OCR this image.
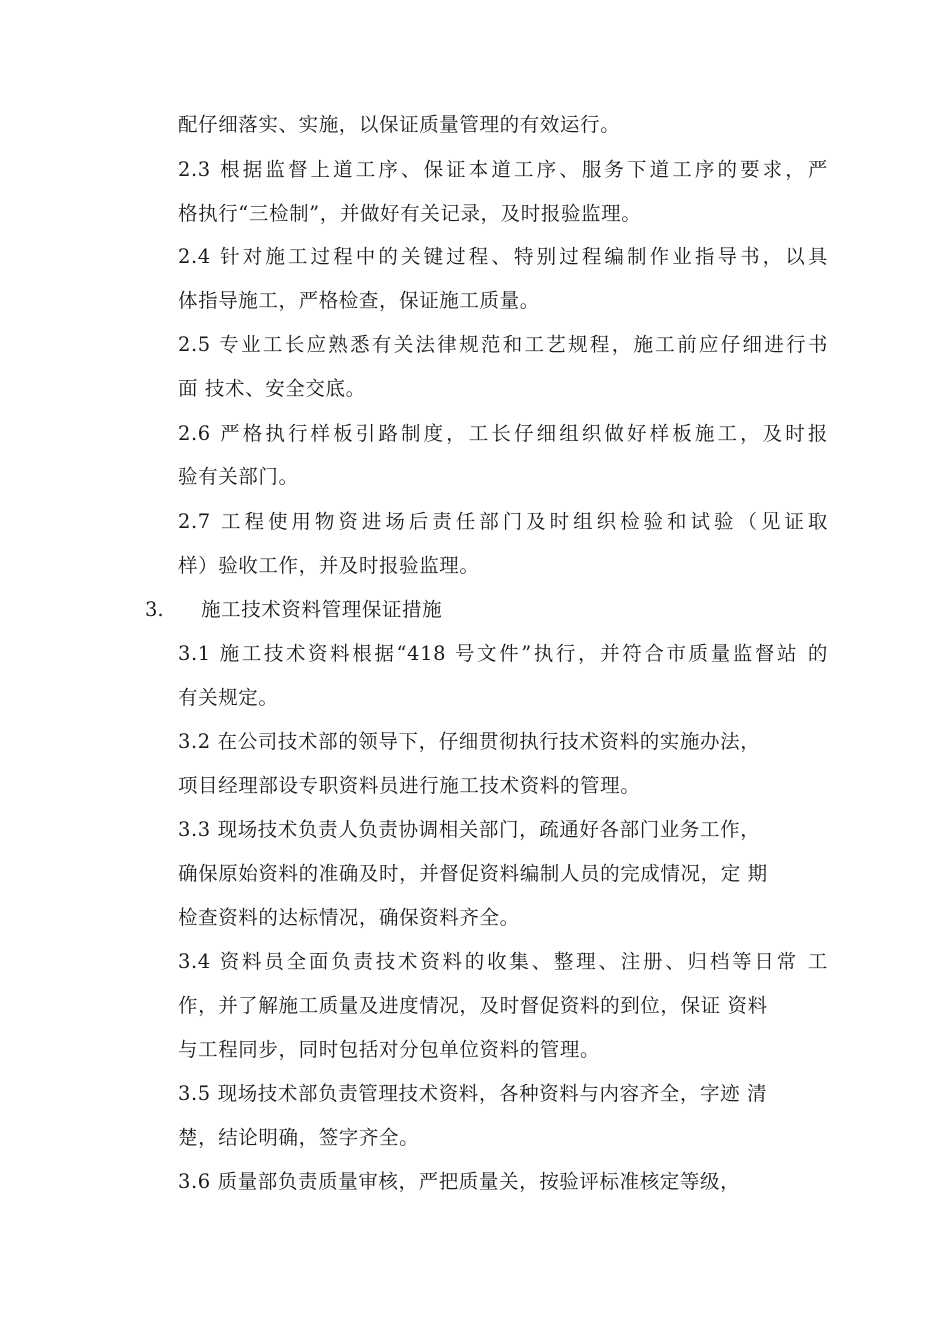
配仔细落实、实施，以保证质量管理的有效运行。
2.3 根据监督上道工序、保证本道工序、服务下道工序的要求，严
格执行“三检制”，并做好有关记录，及时报验监理。
2.4 针对施工过程中的关键过程、特别过程编制作业指导书，以具
体指导施工，严格检查，保证施工质量。
2.5 专业工长应熟悉有关法律规范和工艺规程，施工前应仔细进行书
面 技术、安全交底。
2.6 严格执行样板引路制度，工长仔细组织做好样板施工，及时报
验有关部门。
2.7 工程使用物资进场后责任部门及时组织检验和试验（见证取
样）验收工作，并及时报验监理。
3. 施工技术资料管理保证措施
3.1 施工技术资料根据“418 号文件”执行，并符合市质量监督站 的
有关规定。
3.2 在公司技术部的领导下，仔细贯彻执行技术资料的实施办法，
项目经理部设专职资料员进行施工技术资料的管理。
3.3 现场技术负责人负责协调相关部门，疏通好各部门业务工作，
确保原始资料的准确及时，并督促资料编制人员的完成情况，定 期
检查资料的达标情况，确保资料齐全。
3.4 资料员全面负责技术资料的收集、整理、注册、归档等日常 工
作，并了解施工质量及进度情况，及时督促资料的到位，保证 资料
与工程同步，同时包括对分包单位资料的管理。
3.5 现场技术部负责管理技术资料，各种资料与内容齐全，字迹 清
楚，结论明确，签字齐全。
3.6 质量部负责质量审核，严把质量关，按验评标准核定等级，
